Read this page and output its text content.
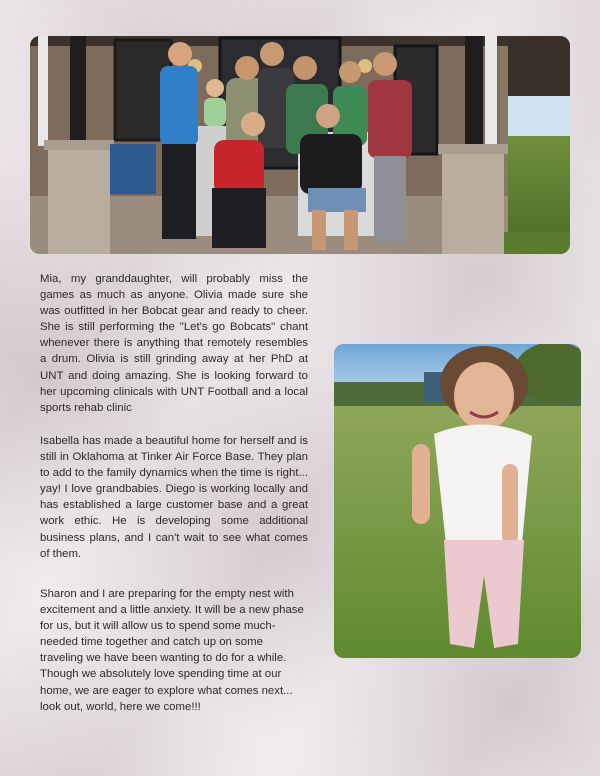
Mia, my granddaughter, will probably miss the games as much as anyone. Olivia made sure she was outfitted in her Bobcat gear and ready to cheer. She is still performing the "Let's go Bobcats" chant whenever there is anything that remotely resembles a drum. Olivia is still grinding away at her PhD at UNT and doing amazing. She is looking forward to her upcoming clinicals with UNT Football and a local sports rehab clinic

Isabella has made a beautiful home for herself and is still in Oklahoma at Tinker Air Force Base. They plan to add to the family dynamics when the time is right... yay! I love grandbabies. Diego is working locally and has established a large customer base and a great work ethic. He is developing some additional business plans, and I can't wait to see what comes of them.

Sharon and I are preparing for the empty nest with excitement and a little anxiety. It will be a new phase for us, but it will allow us to spend some much-needed time together and catch up on some traveling we have been wanting to do for a while. Though we absolutely love spending time at our home, we are eager to explore what comes next... look out, world, here we come!!!
